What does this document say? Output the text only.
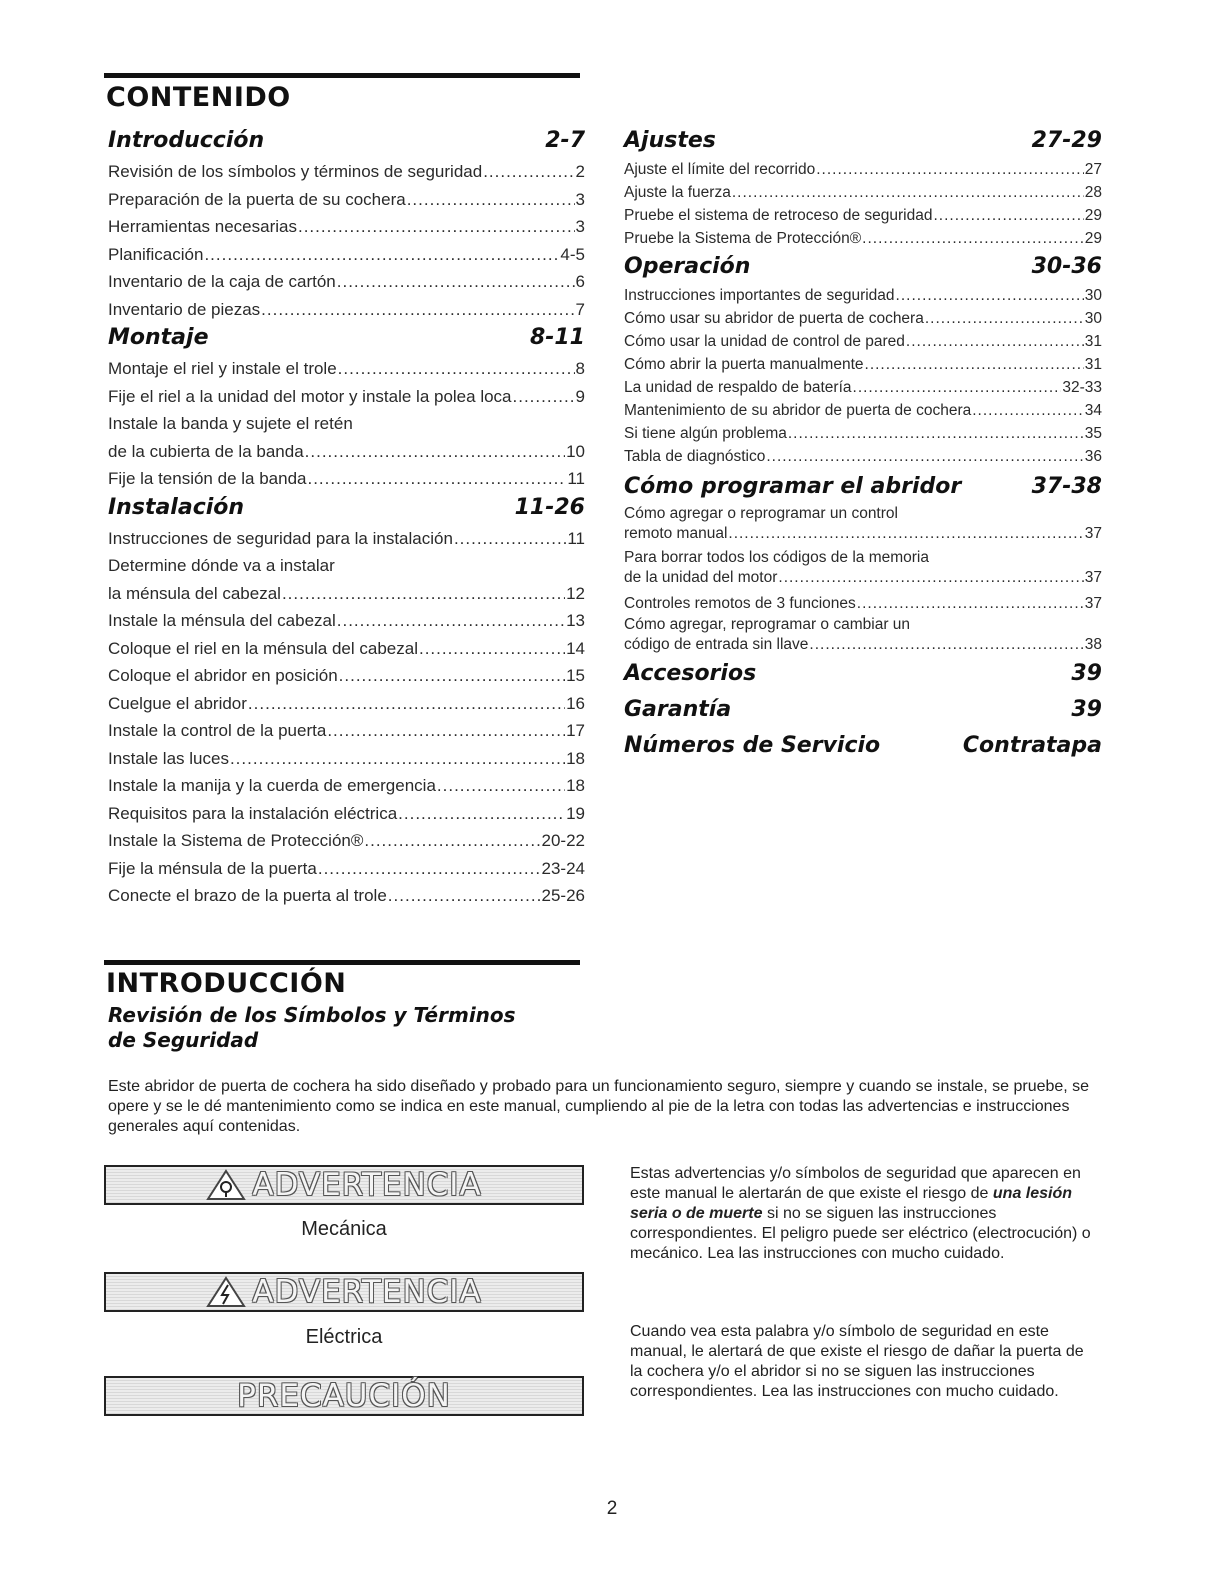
CONTENIDO
Introducción	2-7
Revisión de los símbolos y términos de seguridad .....	2
Preparación de la puerta de su cochera .....	3
Herramientas necesarias .....	3
Planificación .....	4-5
Inventario de la caja de cartón .....	6
Inventario de piezas .....	7
Montaje	8-11
Montaje el riel y instale el trole .....	8
Fije el riel a la unidad del motor y instale la polea loca .....	9
Instale la banda y sujete el retén
de la cubierta de la banda .....	10
Fije la tensión de la banda .....	11
Instalación	11-26
Instrucciones de seguridad para la instalación .....	11
Determine dónde va a instalar
la ménsula del cabezal .....	12
Instale la ménsula del cabezal .....	13
Coloque el riel en la ménsula del cabezal .....	14
Coloque el abridor en posición .....	15
Cuelgue el abridor .....	16
Instale la control de la puerta .....	17
Instale las luces .....	18
Instale la manija y la cuerda de emergencia .....	18
Requisitos para la instalación eléctrica .....	19
Instale la Sistema de Protección® .....	20-22
Fije la ménsula de la puerta .....	23-24
Conecte el brazo de la puerta al trole .....	25-26
Ajustes	27-29
Ajuste el límite del recorrido .....	27
Ajuste la fuerza .....	28
Pruebe el sistema de retroceso de seguridad .....	29
Pruebe la Sistema de Protección® .....	29
Operación	30-36
Instrucciones importantes de seguridad .....	30
Cómo usar su abridor de puerta de cochera .....	30
Cómo usar la unidad de control de pared .....	31
Cómo abrir la puerta manualmente .....	31
La unidad de respaldo de batería .....	32-33
Mantenimiento de su abridor de puerta de cochera .....	34
Si tiene algún problema .....	35
Tabla de diagnóstico .....	36
Cómo programar el abridor	37-38
Cómo agregar o reprogramar un control
remoto manual .....	37
Para borrar todos los códigos de la memoria
de la unidad del motor .....	37
Controles remotos de 3 funciones .....	37
Cómo agregar, reprogramar o cambiar un
código de entrada sin llave .....	38
Accesorios	39
Garantía	39
Números de Servicio	Contratapa
INTRODUCCIÓN
Revisión de los Símbolos y Términos
de Seguridad
Este abridor de puerta de cochera ha sido diseñado y probado para un funcionamiento seguro, siempre y cuando se instale, se pruebe, se opere y se le dé mantenimiento como se indica en este manual, cumpliendo al pie de la letra con todas las advertencias e instrucciones generales aquí contenidas.
ADVERTENCIA
Mecánica
ADVERTENCIA
Eléctrica
PRECAUCIÓN
Estas advertencias y/o símbolos de seguridad que aparecen en este manual le alertarán de que existe el riesgo de una lesión seria o de muerte si no se siguen las instrucciones correspondientes. El peligro puede ser eléctrico (electrocución) o mecánico. Lea las instrucciones con mucho cuidado.
Cuando vea esta palabra y/o símbolo de seguridad en este manual, le alertará de que existe el riesgo de dañar la puerta de la cochera y/o el abridor si no se siguen las instrucciones correspondientes. Lea las instrucciones con mucho cuidado.
2
